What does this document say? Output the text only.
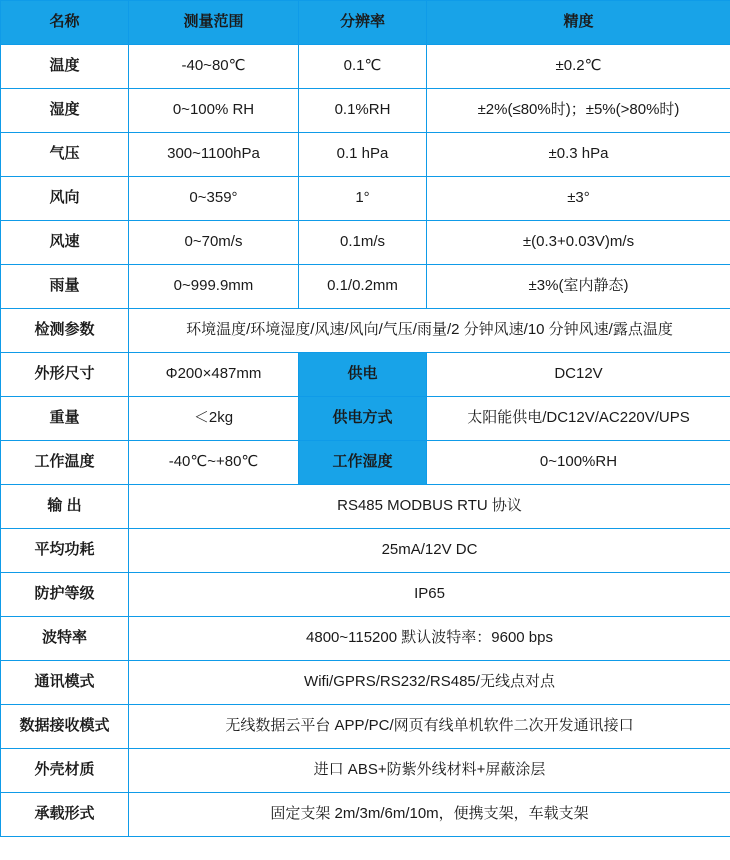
名称	测量范围	分辨率	精度
温度	-40~80℃	0.1℃	±0.2℃
湿度	0~100% RH	0.1%RH	±2%(≤80%时)；±5%(>80%时)
气压	300~1100hPa	0.1 hPa	±0.3 hPa
风向	0~359°	1°	±3°
风速	0~70m/s	0.1m/s	±(0.3+0.03V)m/s
雨量	0~999.9mm	0.1/0.2mm	±3%(室内静态)
检测参数	环境温度/环境湿度/风速/风向/气压/雨量/2 分钟风速/10 分钟风速/露点温度		
外形尺寸	Φ200×487mm	供电	DC12V
重量	＜2kg	供电方式	太阳能供电/DC12V/AC220V/UPS
工作温度	-40℃~+80℃	工作湿度	0~100%RH
输 出	RS485 MODBUS RTU 协议		
平均功耗	25mA/12V DC		
防护等级	IP65		
波特率	4800~115200 默认波特率：9600 bps		
通讯模式	Wifi/GPRS/RS232/RS485/无线点对点		
数据接收模式	无线数据云平台 APP/PC/网页有线单机软件二次开发通讯接口		
外壳材质	进口 ABS+防紫外线材料+屏蔽涂层		
承载形式	固定支架 2m/3m/6m/10m，便携支架，车载支架		
